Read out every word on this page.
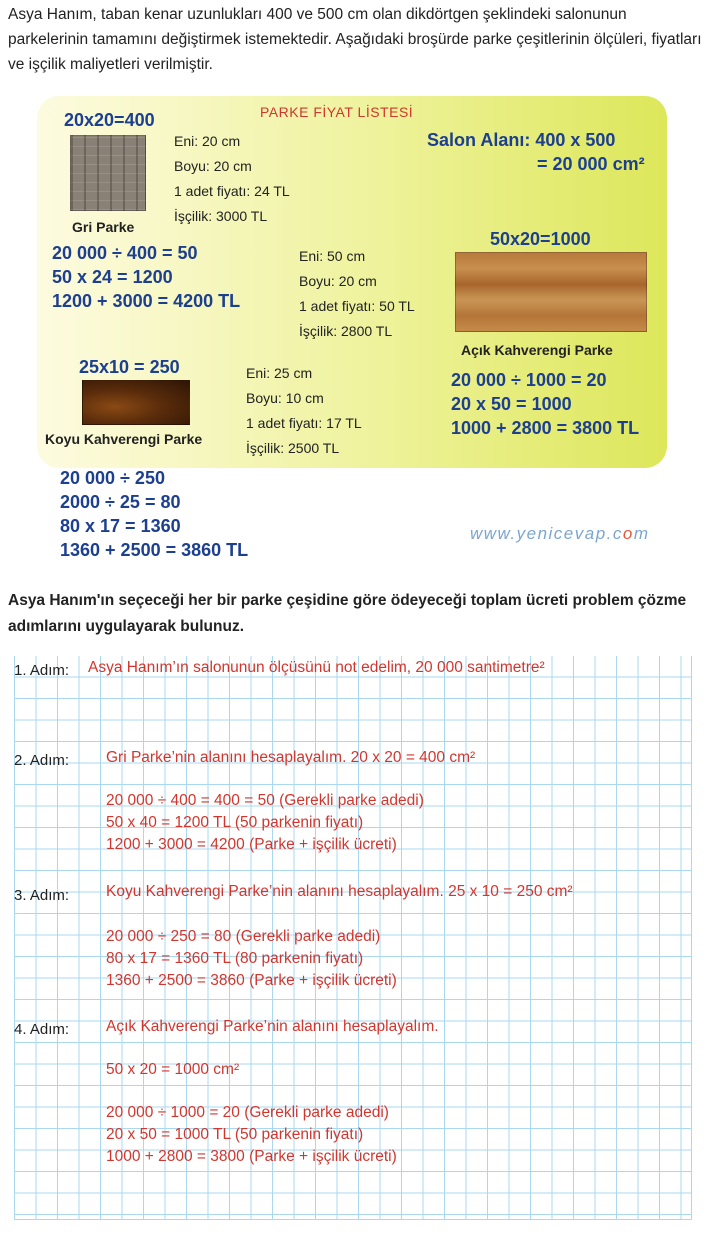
Asya Hanım, taban kenar uzunlukları 400 ve 500 cm olan dikdörtgen şeklindeki salonunun parkelerinin tamamını değiştirmek istemektedir. Aşağıdaki broşürde parke çeşitlerinin ölçüleri, fiyatları ve işçilik maliyetleri verilmiştir.
PARKE FİYAT LİSTESİ
20x20=400
Gri Parke
Eni: 20 cm
Boyu: 20 cm
1 adet fiyatı: 24 TL
İşçilik: 3000 TL
20 000 ÷ 400 = 50
50 x 24 = 1200
1200 + 3000 = 4200 TL
Salon Alanı: 400 x 500
= 20 000 cm²
Eni: 50 cm
Boyu: 20 cm
1 adet fiyatı: 50 TL
İşçilik: 2800 TL
50x20=1000
Açık Kahverengi Parke
20 000 ÷ 1000 = 20
20 x 50 = 1000
1000 + 2800 = 3800 TL
25x10 = 250
Koyu Kahverengi Parke
Eni: 25 cm
Boyu: 10 cm
1 adet fiyatı: 17 TL
İşçilik: 2500 TL
20 000 ÷ 250
2000 ÷ 25 = 80
80 x 17 = 1360
1360 + 2500 = 3860 TL
www.yenicevap.com
Asya Hanım'ın seçeceği her bir parke çeşidine göre ödeyeceği toplam ücreti problem çözme adımlarını uygulayarak bulunuz.
1. Adım: Asya Hanım’ın salonunun ölçüsünü not edelim, 20 000 santimetre²
2. Adım: Gri Parke’nin alanını hesaplayalım. 20 x 20 = 400 cm²
20 000 ÷ 400 = 400 = 50 (Gerekli parke adedi)
50 x 40 = 1200 TL (50 parkenin fiyatı)
1200 + 3000 = 4200 (Parke + işçilik ücreti)
3. Adım: Koyu Kahverengi Parke’nin alanını hesaplayalım. 25 x 10 = 250 cm²
20 000 ÷ 250 = 80 (Gerekli parke adedi)
80 x 17 = 1360 TL (80 parkenin fiyatı)
1360 + 2500 = 3860 (Parke + işçilik ücreti)
4. Adım: Açık Kahverengi Parke’nin alanını hesaplayalım.
50 x 20 = 1000 cm²
20 000 ÷ 1000 = 20 (Gerekli parke adedi)
20 x 50 = 1000 TL (50 parkenin fiyatı)
1000 + 2800 = 3800 (Parke + işçilik ücreti)
